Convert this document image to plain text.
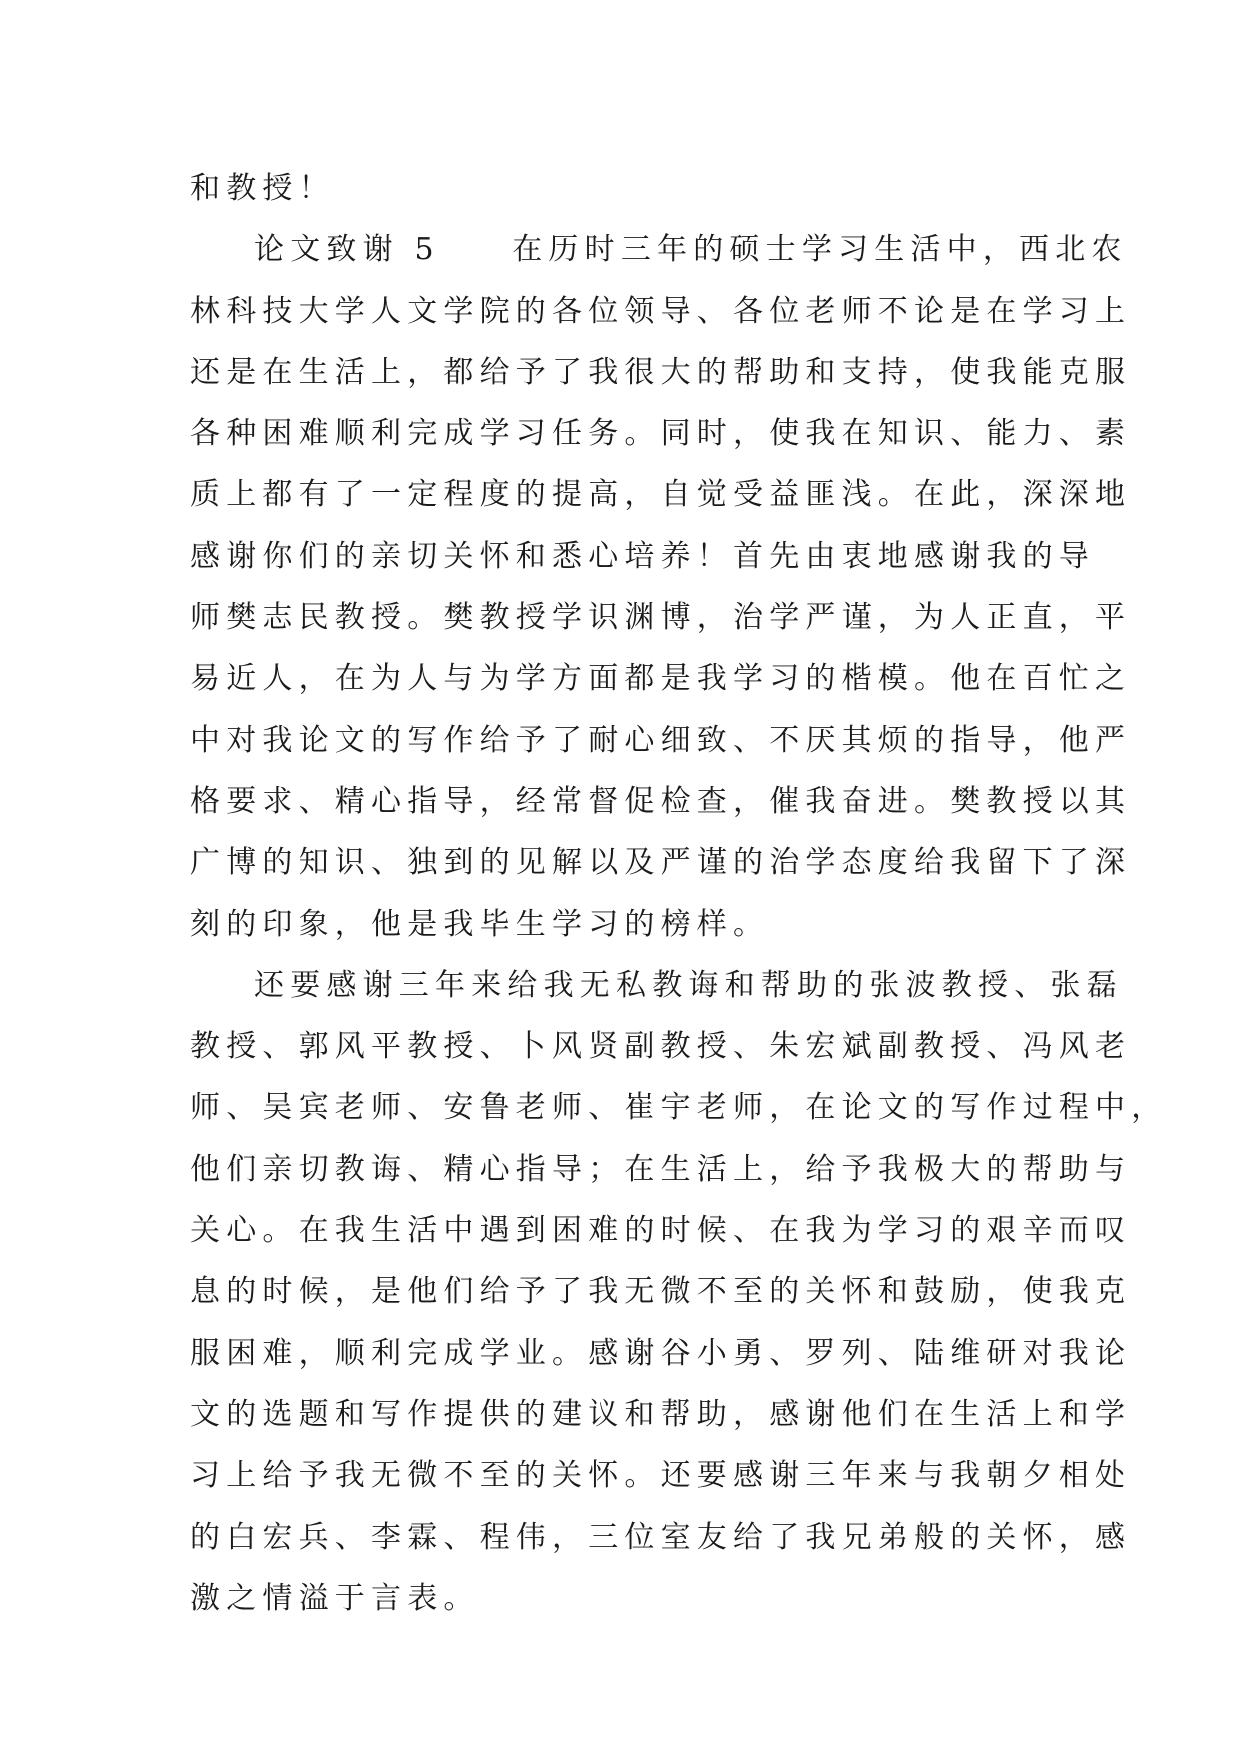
和教授！
论文致谢 5　　在历时三年的硕士学习生活中，西北农
林科技大学人文学院的各位领导、各位老师不论是在学习上
还是在生活上，都给予了我很大的帮助和支持，使我能克服
各种困难顺利完成学习任务。同时，使我在知识、能力、素
质上都有了一定程度的提高，自觉受益匪浅。在此，深深地
感谢你们的亲切关怀和悉心培养！首先由衷地感谢我的导
师樊志民教授。樊教授学识渊博，治学严谨，为人正直，平
易近人，在为人与为学方面都是我学习的楷模。他在百忙之
中对我论文的写作给予了耐心细致、不厌其烦的指导，他严
格要求、精心指导，经常督促检查，催我奋进。樊教授以其
广博的知识、独到的见解以及严谨的治学态度给我留下了深
刻的印象，他是我毕生学习的榜样。
还要感谢三年来给我无私教诲和帮助的张波教授、张磊
教授、郭风平教授、卜风贤副教授、朱宏斌副教授、冯风老
师、吴宾老师、安鲁老师、崔宇老师，在论文的写作过程中，
他们亲切教诲、精心指导；在生活上，给予我极大的帮助与
关心。在我生活中遇到困难的时候、在我为学习的艰辛而叹
息的时候，是他们给予了我无微不至的关怀和鼓励，使我克
服困难，顺利完成学业。感谢谷小勇、罗列、陆维研对我论
文的选题和写作提供的建议和帮助，感谢他们在生活上和学
习上给予我无微不至的关怀。还要感谢三年来与我朝夕相处
的白宏兵、李霖、程伟，三位室友给了我兄弟般的关怀，感
激之情溢于言表。
